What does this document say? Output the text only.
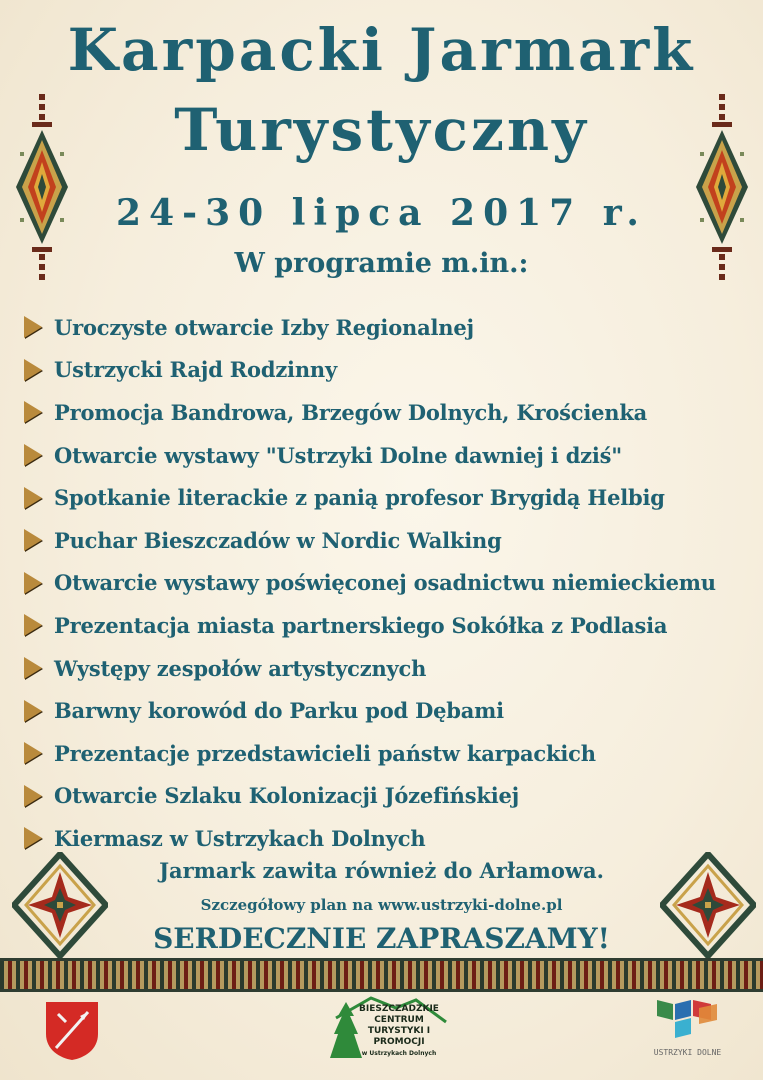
Karpacki Jarmark
Turystyczny
24-30 lipca 2017 r.
W programie m.in.:
Uroczyste otwarcie Izby Regionalnej
Ustrzycki Rajd Rodzinny
Promocja Bandrowa, Brzegów Dolnych, Krościenka
Otwarcie wystawy "Ustrzyki Dolne dawniej i dziś"
Spotkanie literackie z panią profesor Brygidą Helbig
Puchar Bieszczadów w Nordic Walking
Otwarcie wystawy poświęconej osadnictwu niemieckiemu
Prezentacja miasta partnerskiego Sokółka z Podlasia
Występy zespołów artystycznych
Barwny korowód do Parku pod Dębami
Prezentacje przedstawicieli państw karpackich
Otwarcie Szlaku Kolonizacji Józefińskiej
Kiermasz w Ustrzykach Dolnych
Jarmark zawita również do Arłamowa.
Szczegółowy plan na www.ustrzyki-dolne.pl
SERDECZNIE ZAPRASZAMY!
BIESZCZADZKIE
CENTRUM
TURYSTYKI I PROMOCJI
w Ustrzykach Dolnych	USTRZYKI DOLNE
